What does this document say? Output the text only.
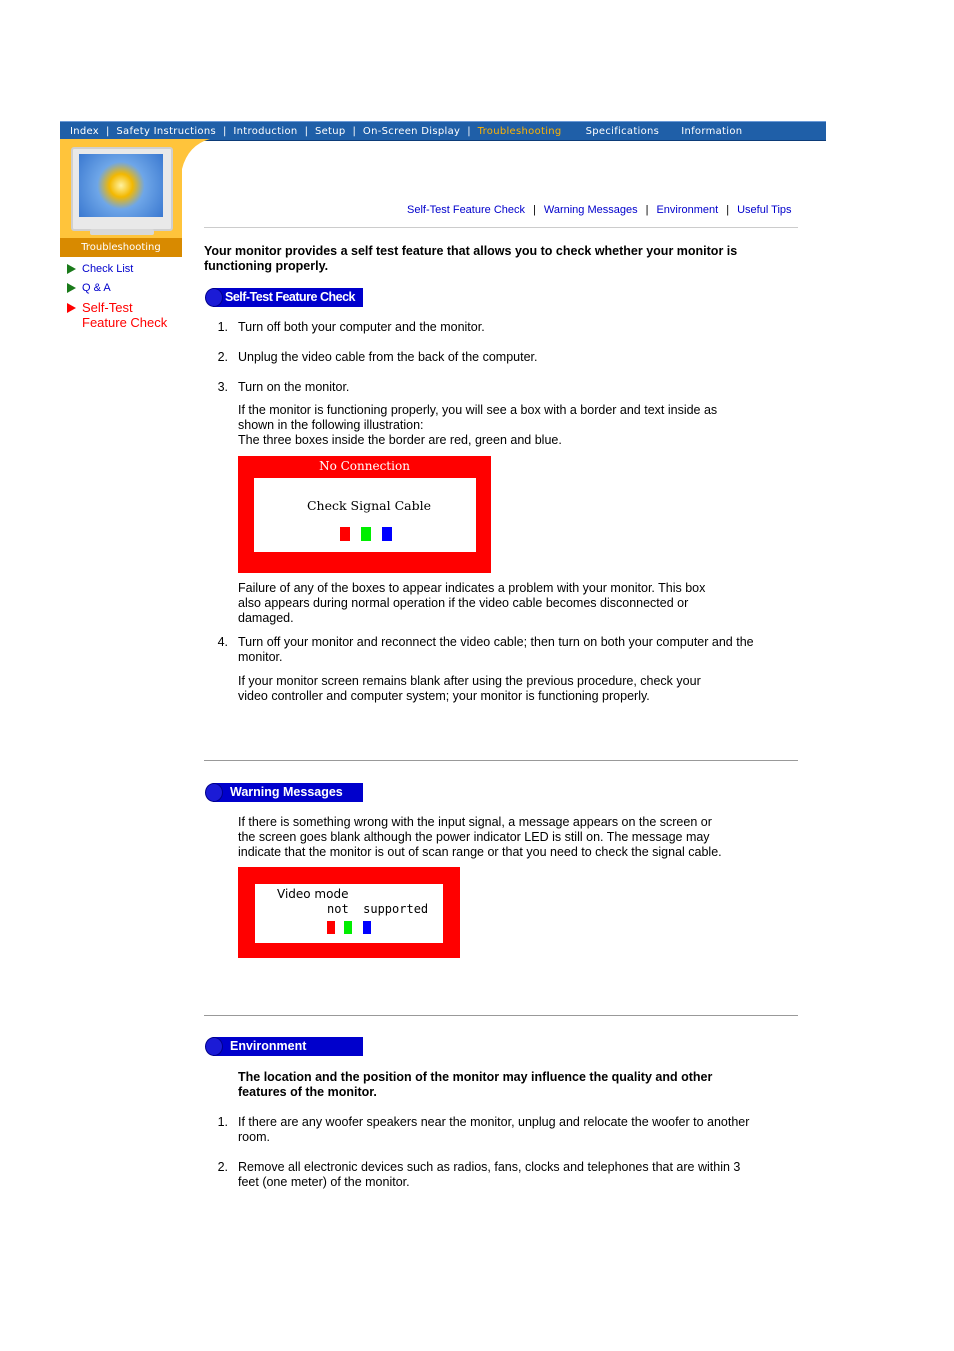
Index | Safety Instructions | Introduction | Setup | On-Screen Display | Troubleshooting Specifications Information
Troubleshooting
Check List
Q & A
Self-Test
Feature Check
Self-Test Feature Check | Warning Messages | Environment | Useful Tips
Your monitor provides a self test feature that allows you to check whether your monitor is
functioning properly.
Self-Test Feature Check
1. Turn off both your computer and the monitor.
2. Unplug the video cable from the back of the computer.
3. Turn on the monitor.
If the monitor is functioning properly, you will see a box with a border and text inside as
shown in the following illustration:
The three boxes inside the border are red, green and blue.
No Connection
Check Signal Cable
Failure of any of the boxes to appear indicates a problem with your monitor. This box
also appears during normal operation if the video cable becomes disconnected or
damaged.
4. Turn off your monitor and reconnect the video cable; then turn on both your computer and the
monitor.
If your monitor screen remains blank after using the previous procedure, check your
video controller and computer system; your monitor is functioning properly.
Warning Messages
If there is something wrong with the input signal, a message appears on the screen or
the screen goes blank although the power indicator LED is still on. The message may
indicate that the monitor is out of scan range or that you need to check the signal cable.
Video mode
not  supported
Environment
The location and the position of the monitor may influence the quality and other
features of the monitor.
1. If there are any woofer speakers near the monitor, unplug and relocate the woofer to another
room.
2. Remove all electronic devices such as radios, fans, clocks and telephones that are within 3
feet (one meter) of the monitor.
